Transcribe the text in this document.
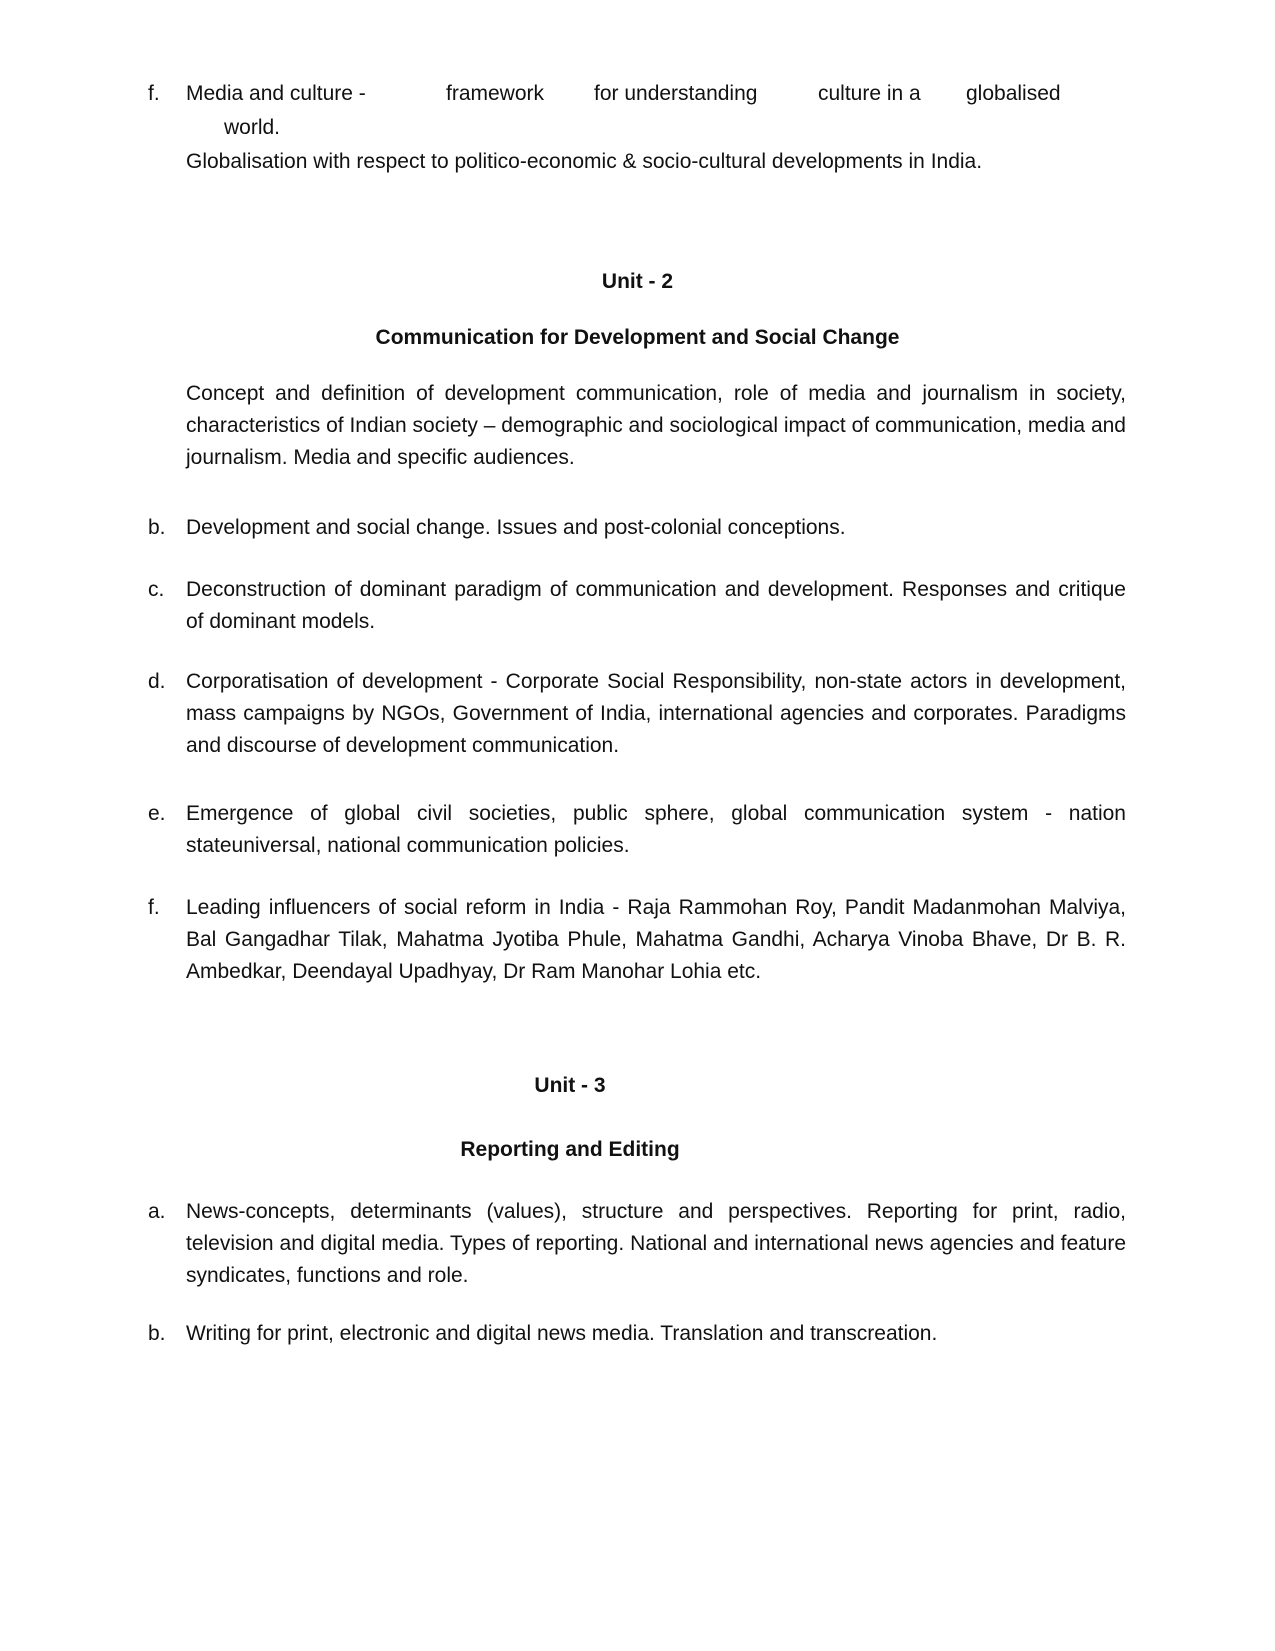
f. Media and culture -	framework for understanding	culture in a globalised
world.
Globalisation with respect to politico-economic & socio-cultural developments in India.
Unit - 2
Communication for Development and Social Change
Concept and definition of development communication, role of media and journalism in society, characteristics of Indian society – demographic and sociological impact of communication, media and journalism. Media and specific audiences.
b. Development and social change. Issues and post-colonial conceptions.
c. Deconstruction of dominant paradigm of communication and development. Responses and critique of dominant models.
d. Corporatisation of development - Corporate Social Responsibility, non-state actors in development, mass campaigns by NGOs, Government of India, international agencies and corporates. Paradigms and discourse of development communication.
e. Emergence of global civil societies, public sphere, global communication system - nation stateuniversal, national communication policies.
f. Leading influencers of social reform in India - Raja Rammohan Roy, Pandit Madanmohan Malviya, Bal Gangadhar Tilak, Mahatma Jyotiba Phule, Mahatma Gandhi, Acharya Vinoba Bhave, Dr B. R. Ambedkar, Deendayal Upadhyay, Dr Ram Manohar Lohia etc.
Unit - 3
Reporting and Editing
a. News-concepts, determinants (values), structure and perspectives. Reporting for print, radio, television and digital media. Types of reporting. National and international news agencies and feature syndicates, functions and role.
b. Writing for print, electronic and digital news media. Translation and transcreation.
